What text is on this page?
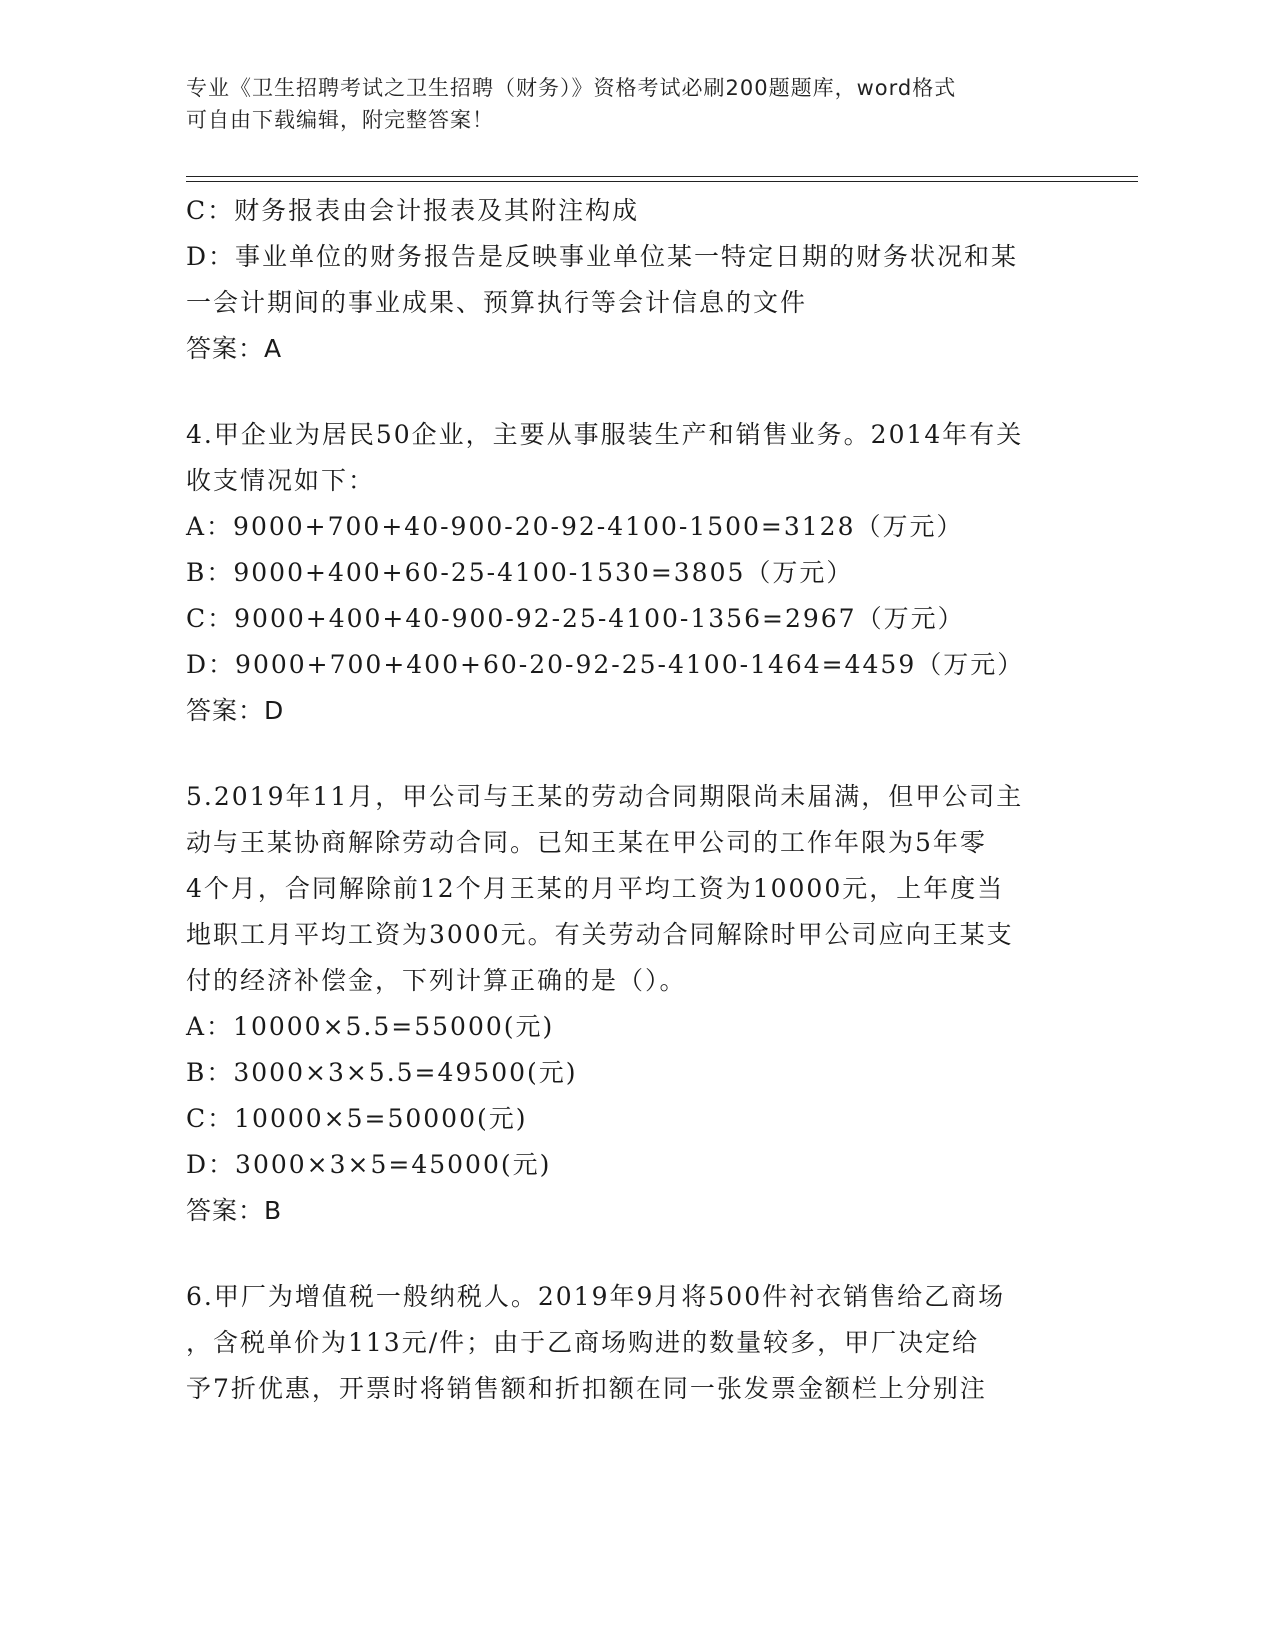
专业《卫生招聘考试之卫生招聘（财务）》资格考试必刷200题题库，word格式
可自由下载编辑，附完整答案！
C：财务报表由会计报表及其附注构成
D：事业单位的财务报告是反映事业单位某一特定日期的财务状况和某
一会计期间的事业成果、预算执行等会计信息的文件
答案：A
4.甲企业为居民50企业，主要从事服装生产和销售业务。2014年有关
收支情况如下：
A：9000+700+40-900-20-92-4100-1500=3128（万元）
B：9000+400+60-25-4100-1530=3805（万元）
C：9000+400+40-900-92-25-4100-1356=2967（万元）
D：9000+700+400+60-20-92-25-4100-1464=4459（万元）
答案：D
5.2019年11月，甲公司与王某的劳动合同期限尚未届满，但甲公司主
动与王某协商解除劳动合同。已知王某在甲公司的工作年限为5年零
4个月，合同解除前12个月王某的月平均工资为10000元，上年度当
地职工月平均工资为3000元。有关劳动合同解除时甲公司应向王某支
付的经济补偿金，下列计算正确的是（）。
A：10000×5.5=55000(元)
B：3000×3×5.5=49500(元)
C：10000×5=50000(元)
D：3000×3×5=45000(元)
答案：B
6.甲厂为增值税一般纳税人。2019年9月将500件衬衣销售给乙商场
，含税单价为113元/件；由于乙商场购进的数量较多，甲厂决定给
予7折优惠，开票时将销售额和折扣额在同一张发票金额栏上分别注
